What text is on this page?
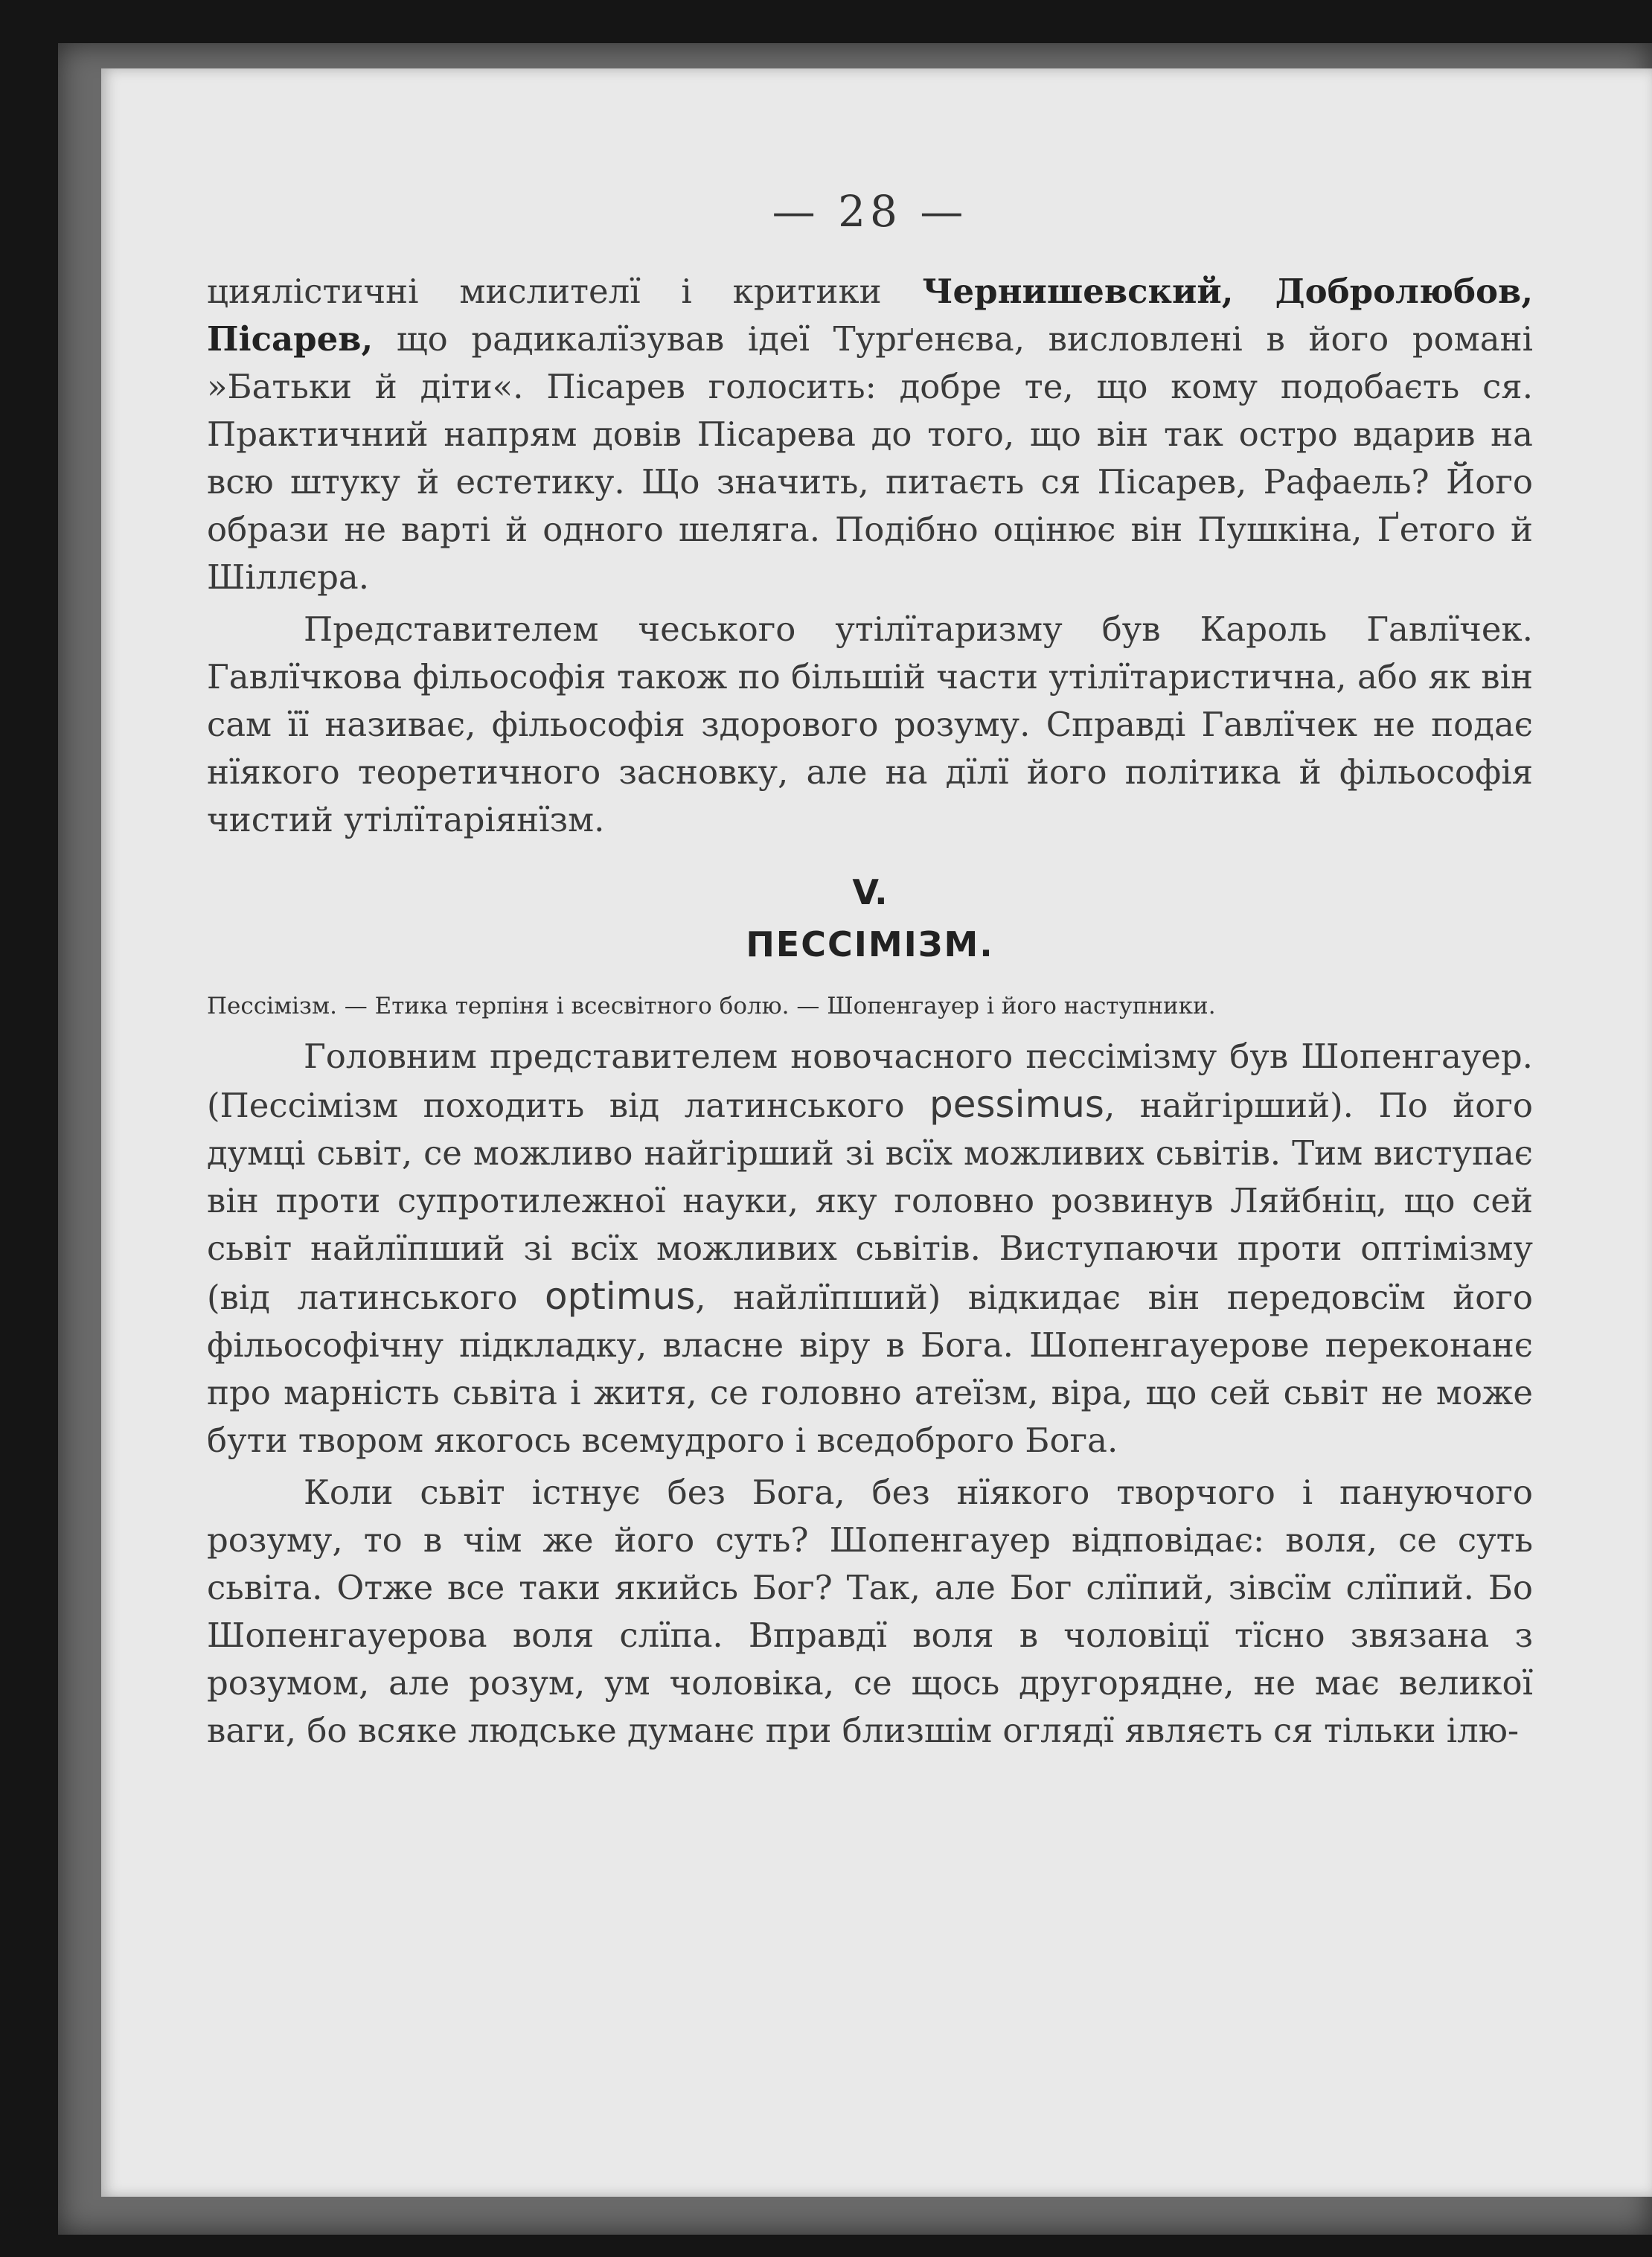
— 28 —

цияліcтичні мислителї і критики Чернишевский, Добролюбов, Пісарев, що радикалїзував ідеї Турґенєва, висловлені в його романі »Батьки й діти«. Пісарев голосить: добре те, що кому подобаєть ся. Практичний напрям довів Пісарева до того, що він так остро вдарив на всю штуку й естетику. Що значить, питаєть ся Пісарев, Рафаель? Його образи не варті й одного шеляга. Подібно оцінює він Пушкіна, Ґетого й Шіллєра.

Представителем чеського утілїтаризму був Кароль Гавлїчек. Гавлїчкова фільософія також по більшій части утілїтаристична, або як він сам її називає, фільософія здорового розуму. Справді Гавлїчек не подає нїякого теоретичного засновку, але на дїлї його політика й фільософія чистий утілїтаріянїзм.

V.
ПЕССІМІЗМ.
Пессімізм. — Етика терпіня і всесвітного болю. — Шопенгауер і його наступники.

Головним представителем новочасного пессімізму був Шопенгауер. (Пессімізм походить від латинського pessimus, найгірший). По його думці сьвіт, се можливо найгірший зі всїх можливих сьвітів. Тим виступає він проти супротилежної науки, яку головно розвинув Ляйбніц, що сей сьвіт найлїпший зі всїх можливих сьвітів. Виступаючи проти оптімізму (від латинського optimus, найлїпший) відкидає він передовсїм його фільософічну підкладку, власне віру в Бога. Шопенгауерове переконанє про марність сьвіта і житя, се головно атеїзм, віра, що сей сьвіт не може бути твором якогось всемудрого і вседоброго Бога.

Коли сьвіт істнує без Бога, без нїякого творчого і пануючого розуму, то в чім же його суть? Шопенгауер відповідає: воля, се суть сьвіта. Отже все таки якийсь Бог? Так, але Бог слїпий, зівсїм слїпий. Бо Шопенгауерова воля слїпа. Вправдї воля в чоловіцї тїсно звязана з розумом, але розум, ум чоловіка, се щось другорядне, не має великої ваги, бо всяке людське думанє при близшім оглядї являєть ся тільки ілю-
